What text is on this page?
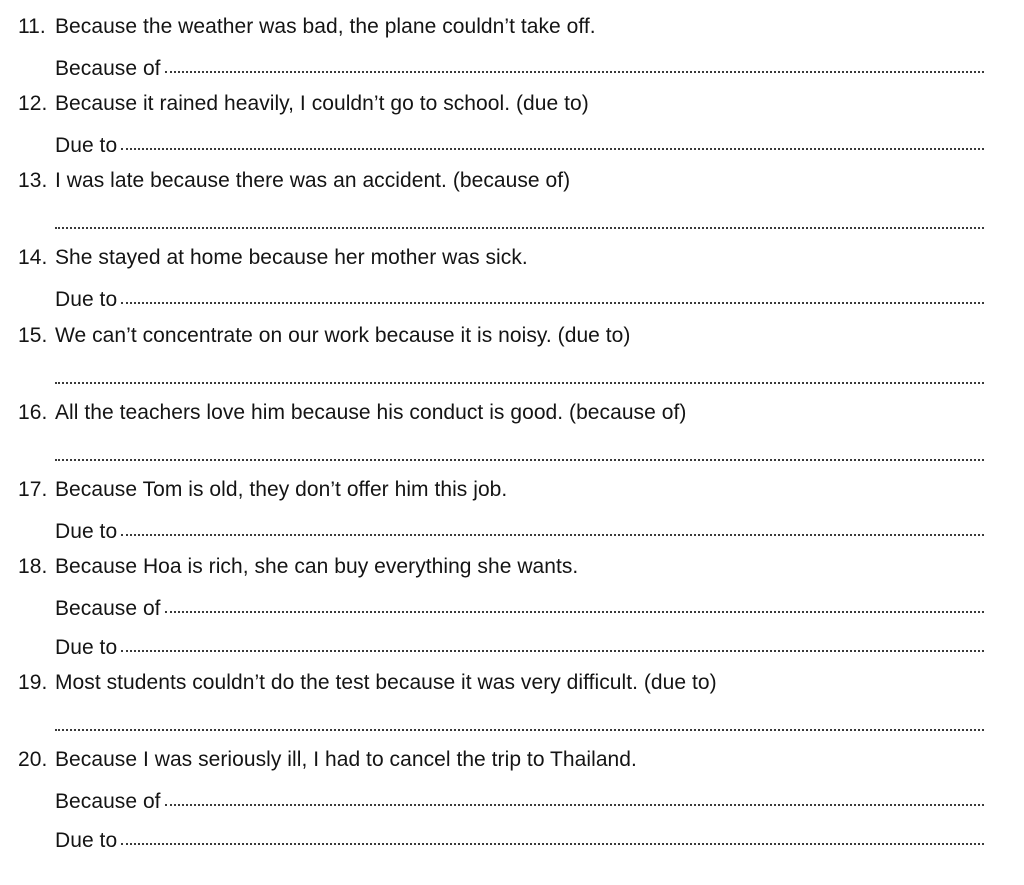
11. Because the weather was bad, the plane couldn’t take off.
Because of
12. Because it rained heavily, I couldn’t go to school. (due to)
Due to
13. I was late because there was an accident. (because of)
14. She stayed at home because her mother was sick.
Due to
15. We can’t concentrate on our work because it is noisy. (due to)
16. All the teachers love him because his conduct is good. (because of)
17. Because Tom is old, they don’t offer him this job.
Due to
18. Because Hoa is rich, she can buy everything she wants.
Because of
Due to
19. Most students couldn’t do the test because it was very difficult. (due to)
20. Because I was seriously ill, I had to cancel the trip to Thailand.
Because of
Due to
